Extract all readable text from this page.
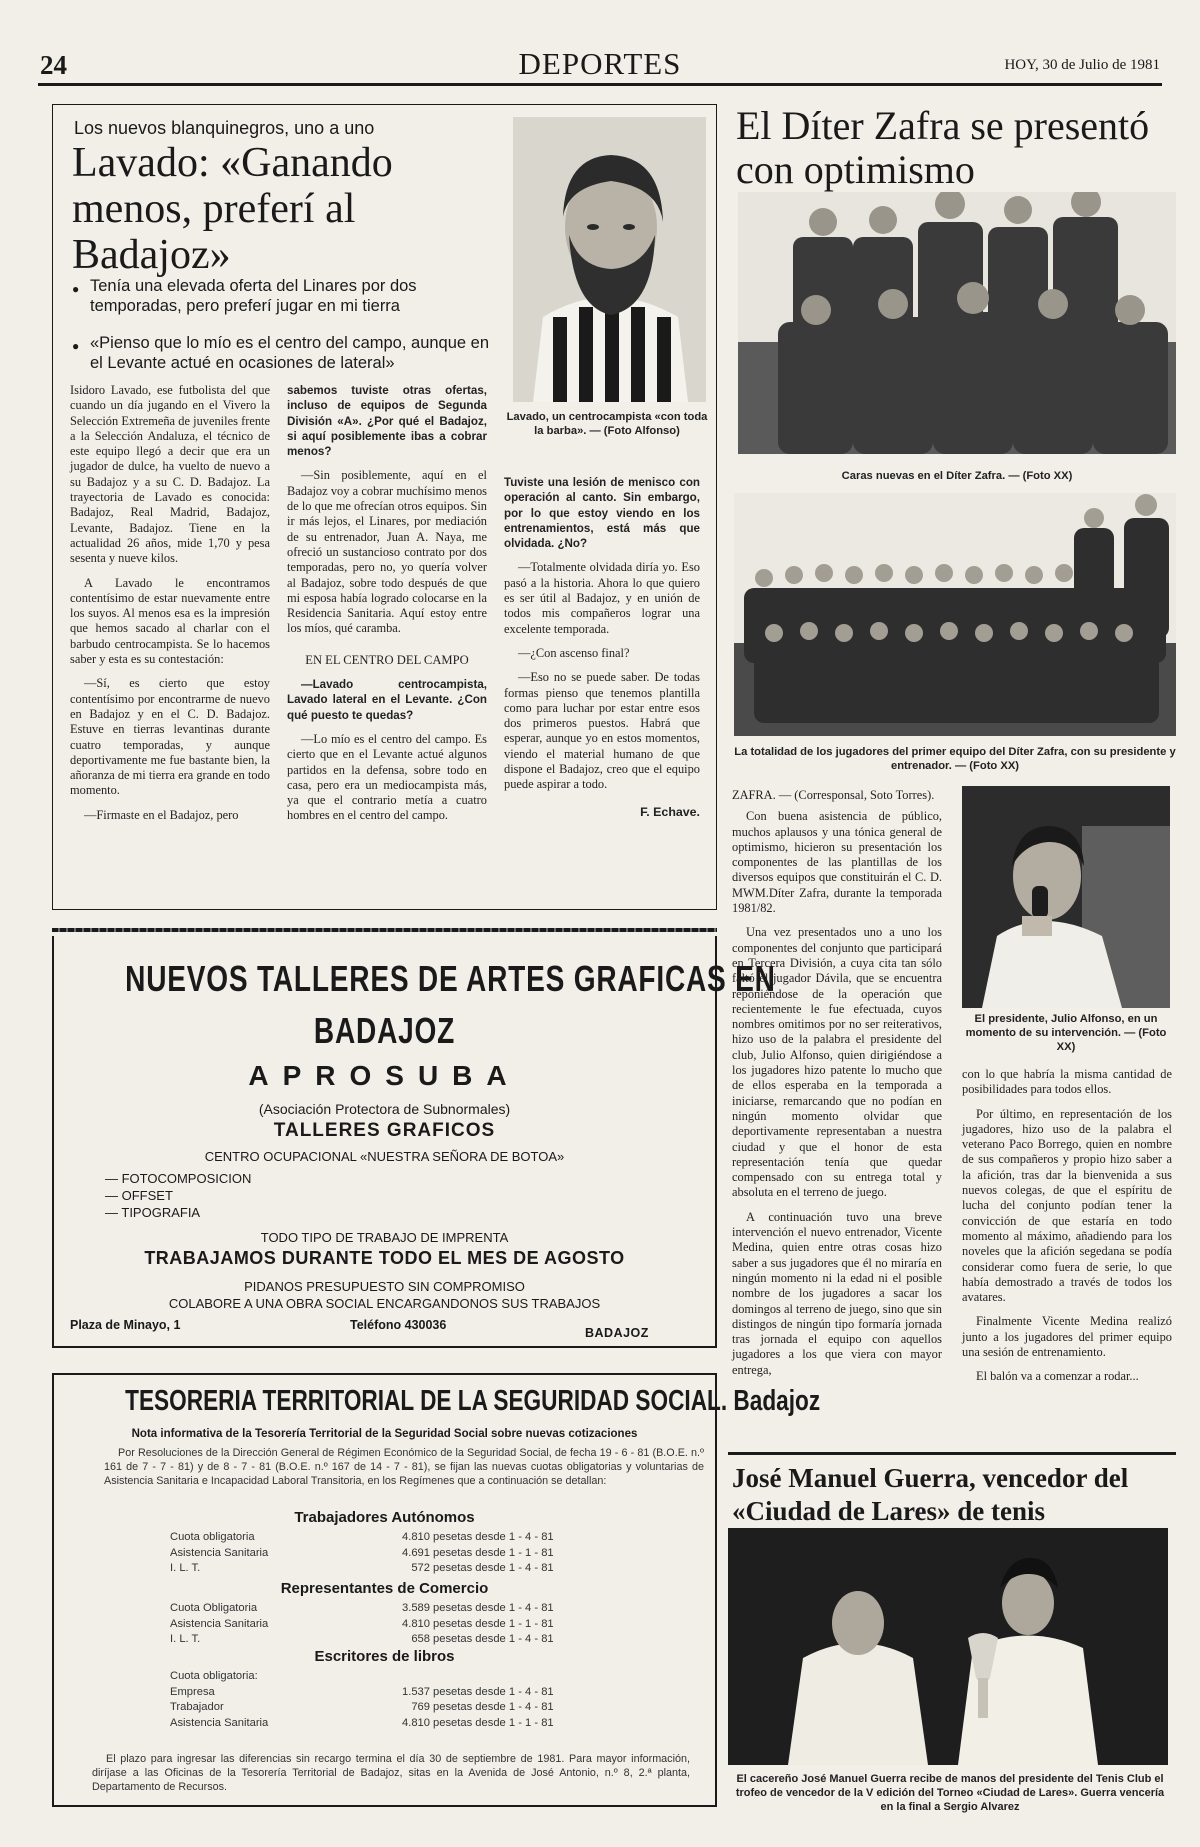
24	DEPORTES	HOY, 30 de Julio de 1981
Los nuevos blanquinegros, uno a uno
Lavado: «Ganando menos, preferí al Badajoz»
Tenía una elevada oferta del Linares por dos temporadas, pero preferí jugar en mi tierra
«Pienso que lo mío es el centro del campo, aunque en el Levante actué en ocasiones de lateral»
Lavado, un centrocampista «con toda la barba». — (Foto Alfonso)

Isidoro Lavado, ese futbolista del que cuando un día jugando en el Vivero la Selección Extremeña de juveniles frente a la Selección Andaluza, el técnico de este equipo llegó a decir que era un jugador de dulce, ha vuelto de nuevo a su Badajoz y a su C. D. Badajoz. La trayectoria de Lavado es conocida: Badajoz, Real Madrid, Badajoz, Levante, Badajoz. Tiene en la actualidad 26 años, mide 1,70 y pesa sesenta y nueve kilos.

A Lavado le encontramos contentísimo de estar nuevamente entre los suyos. Al menos esa es la impresión que hemos sacado al charlar con el barbudo centrocampista. Se lo hacemos saber y esta es su contestación:

—Sí, es cierto que estoy contentísimo por encontrarme de nuevo en Badajoz y en el C. D. Badajoz. Estuve en tierras levantinas durante cuatro temporadas, y aunque deportivamente me fue bastante bien, la añoranza de mi tierra era grande en todo momento.

—Firmaste en el Badajoz, pero

sabemos tuviste otras ofertas, incluso de equipos de Segunda División «A». ¿Por qué el Badajoz, si aquí posiblemente ibas a cobrar menos?

—Sin posiblemente, aquí en el Badajoz voy a cobrar muchísimo menos de lo que me ofrecían otros equipos. Sin ir más lejos, el Linares, por mediación de su entrenador, Juan A. Naya, me ofreció un sustancioso contrato por dos temporadas, pero no, yo quería volver al Badajoz, sobre todo después de que mi esposa había logrado colocarse en la Residencia Sanitaria. Aquí estoy entre los míos, qué caramba.

EN EL CENTRO DEL CAMPO

—Lavado centrocampista, Lavado lateral en el Levante. ¿Con qué puesto te quedas?

—Lo mío es el centro del campo. Es cierto que en el Levante actué algunos partidos en la defensa, sobre todo en casa, pero era un mediocampista más, ya que el contrario metía a cuatro hombres en el centro del campo.

Tuviste una lesión de menisco con operación al canto. Sin embargo, por lo que estoy viendo en los entrenamientos, está más que olvidada. ¿No?

—Totalmente olvidada diría yo. Eso pasó a la historia. Ahora lo que quiero es ser útil al Badajoz, y en unión de todos mis compañeros lograr una excelente temporada.

—¿Con ascenso final?

—Eso no se puede saber. De todas formas pienso que tenemos plantilla como para luchar por estar entre esos dos primeros puestos. Habrá que esperar, aunque yo en estos momentos, viendo el material humano de que dispone el Badajoz, creo que el equipo puede aspirar a todo.

F. Echave.

El Díter Zafra se presentó con optimismo
Caras nuevas en el Díter Zafra. — (Foto XX)
La totalidad de los jugadores del primer equipo del Díter Zafra, con su presidente y entrenador. — (Foto XX)
El presidente, Julio Alfonso, en un momento de su intervención. — (Foto XX)

ZAFRA. — (Corresponsal, Soto Torres).

Con buena asistencia de público, muchos aplausos y una tónica general de optimismo, hicieron su presentación los componentes de las plantillas de los diversos equipos que constituirán el C. D. MWM.Díter Zafra, durante la temporada 1981/82.

Una vez presentados uno a uno los componentes del conjunto que participará en Tercera División, a cuya cita tan sólo faltó el jugador Dávila, que se encuentra reponiéndose de la operación que recientemente le fue efectuada, cuyos nombres omitimos por no ser reiterativos, hizo uso de la palabra el presidente del club, Julio Alfonso, quien dirigiéndose a los jugadores hizo patente lo mucho que de ellos esperaba en la temporada a iniciarse, remarcando que no podían en ningún momento olvidar que deportivamente representaban a nuestra ciudad y que el honor de esta representación tenía que quedar compensado con su entrega total y absoluta en el terreno de juego.

A continuación tuvo una breve intervención el nuevo entrenador, Vicente Medina, quien entre otras cosas hizo saber a sus jugadores que él no miraría en ningún momento ni la edad ni el posible nombre de los jugadores a sacar los domingos al terreno de juego, sino que sin distingos de ningún tipo formaría jornada tras jornada el equipo con aquellos jugadores a los que viera con mayor entrega,

con lo que habría la misma cantidad de posibilidades para todos ellos.

Por último, en representación de los jugadores, hizo uso de la palabra el veterano Paco Borrego, quien en nombre de sus compañeros y propio hizo saber a la afición, tras dar la bienvenida a sus nuevos colegas, de que el espíritu de lucha del conjunto podían tener la convicción de que estaría en todo momento al máximo, añadiendo para los noveles que la afición segedana se podía considerar como fuera de serie, lo que había demostrado a través de todos los avatares.

Finalmente Vicente Medina realizó junto a los jugadores del primer equipo una sesión de entrenamiento.

El balón va a comenzar a rodar...

José Manuel Guerra, vencedor del «Ciudad de Lares» de tenis
El cacereño José Manuel Guerra recibe de manos del presidente del Tenis Club el trofeo de vencedor de la V edición del Torneo «Ciudad de Lares». Guerra vencería en la final a Sergio Alvarez
NUEVOS TALLERES DE ARTES GRAFICAS EN
BADAJOZ
APROSUBA
(Asociación Protectora de Subnormales)
TALLERES GRAFICOS
CENTRO OCUPACIONAL «NUESTRA SEÑORA DE BOTOA»
— FOTOCOMPOSICION
— OFFSET
— TIPOGRAFIA
TODO TIPO DE TRABAJO DE IMPRENTA
TRABAJAMOS DURANTE TODO EL MES DE AGOSTO
PIDANOS PRESUPUESTO SIN COMPROMISO
COLABORE A UNA OBRA SOCIAL ENCARGANDONOS SUS TRABAJOS
Plaza de Minayo, 1	Teléfono 430036
BADAJOZ
TESORERIA TERRITORIAL DE LA SEGURIDAD SOCIAL. Badajoz
Nota informativa de la Tesorería Territorial de la Seguridad Social sobre nuevas cotizaciones
Por Resoluciones de la Dirección General de Régimen Económico de la Seguridad Social, de fecha 19 - 6 - 81 (B.O.E. n.º 161 de 7 - 7 - 81) y de 8 - 7 - 81 (B.O.E. n.º 167 de 14 - 7 - 81), se fijan las nuevas cuotas obligatorias y voluntarias de Asistencia Sanitaria e Incapacidad Laboral Transitoria, en los Regímenes que a continuación se detallan:
Trabajadores Autónomos
Cuota obligatoria	4.810	pesetas desde 1 - 4 - 81
Asistencia Sanitaria	4.691	pesetas desde 1 - 1 - 81
I. L. T.	572	pesetas desde 1 - 4 - 81
Representantes de Comercio
Cuota Obligatoria	3.589	pesetas desde 1 - 4 - 81
Asistencia Sanitaria	4.810	pesetas desde 1 - 1 - 81
I. L. T.	658	pesetas desde 1 - 4 - 81
Escritores de libros
Cuota obligatoria:		
Empresa	1.537	pesetas desde 1 - 4 - 81
Trabajador	769	pesetas desde 1 - 4 - 81
Asistencia Sanitaria	4.810	pesetas desde 1 - 1 - 81
El plazo para ingresar las diferencias sin recargo termina el día 30 de septiembre de 1981. Para mayor información, diríjase a las Oficinas de la Tesorería Territorial de Badajoz, sitas en la Avenida de José Antonio, n.º 8, 2.ª planta, Departamento de Recursos.
